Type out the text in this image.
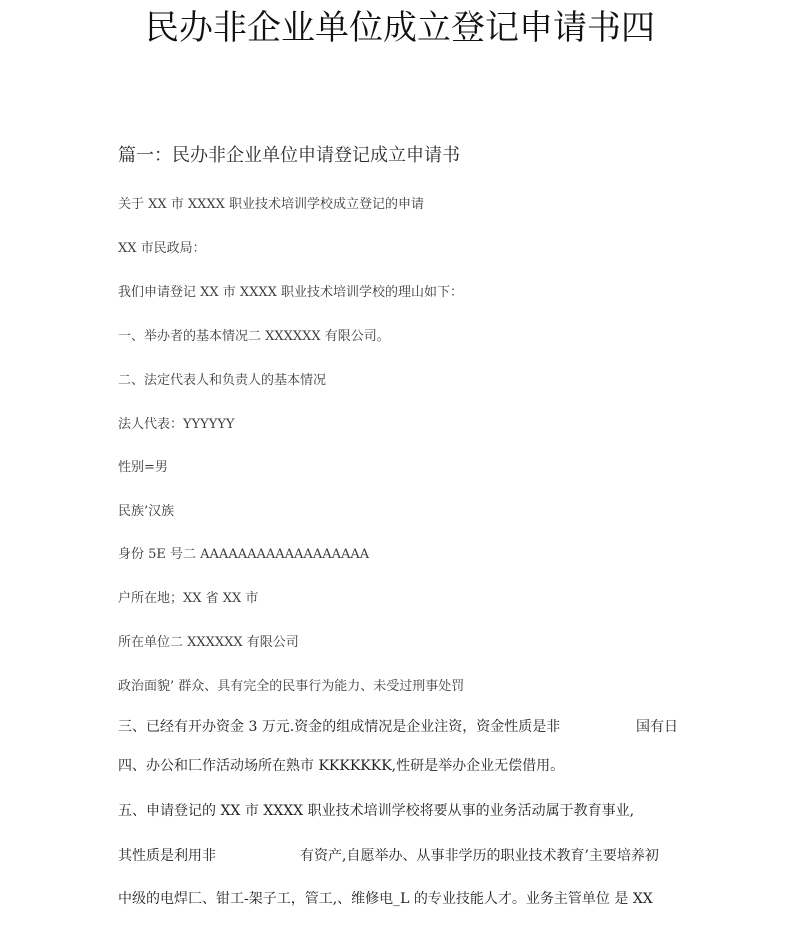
民办非企业单位成立登记申请书四
篇一：民办非企业单位申请登记成立申请书
关于 XX 市 XXXX 职业技术培训学校成立登记的申请
XX 市民政局：
我们申请登记 XX 市 XXXX 职业技术培训学校的理山如下：
一、举办者的基本情况二 XXXXXX 有限公司。
二、法定代表人和负责人的基本情况
法人代表：YYYYYY
性别=男
民族’汉族
身份 5E 号二 AAAAAAAAAAAAAAAAAA
户所在地；XX 省 XX 市
所在单位二 XXXXXX 有限公司
政治面貌’ 群众、具有完全的民事行为能力、未受过刑事处罚
三、已经有开办资金 3 万元.资金的组成情况是企业注资，资金性质是非	国有日
四、办公和匚作活动场所在熟市 KKKKKKK,性研是举办企业无偿借用。
五、申请登记的 XX 市 XXXX 职业技术培训学校将要从事的业务活动属于教育事业,
其性质是利用非	有资产,自愿举办、从事非学历的职业技术教育’主要培养初
中级的电焊匚、钳工-架子工，管工,、维修电_L 的专业技能人才。业务主管单位 是 XX
